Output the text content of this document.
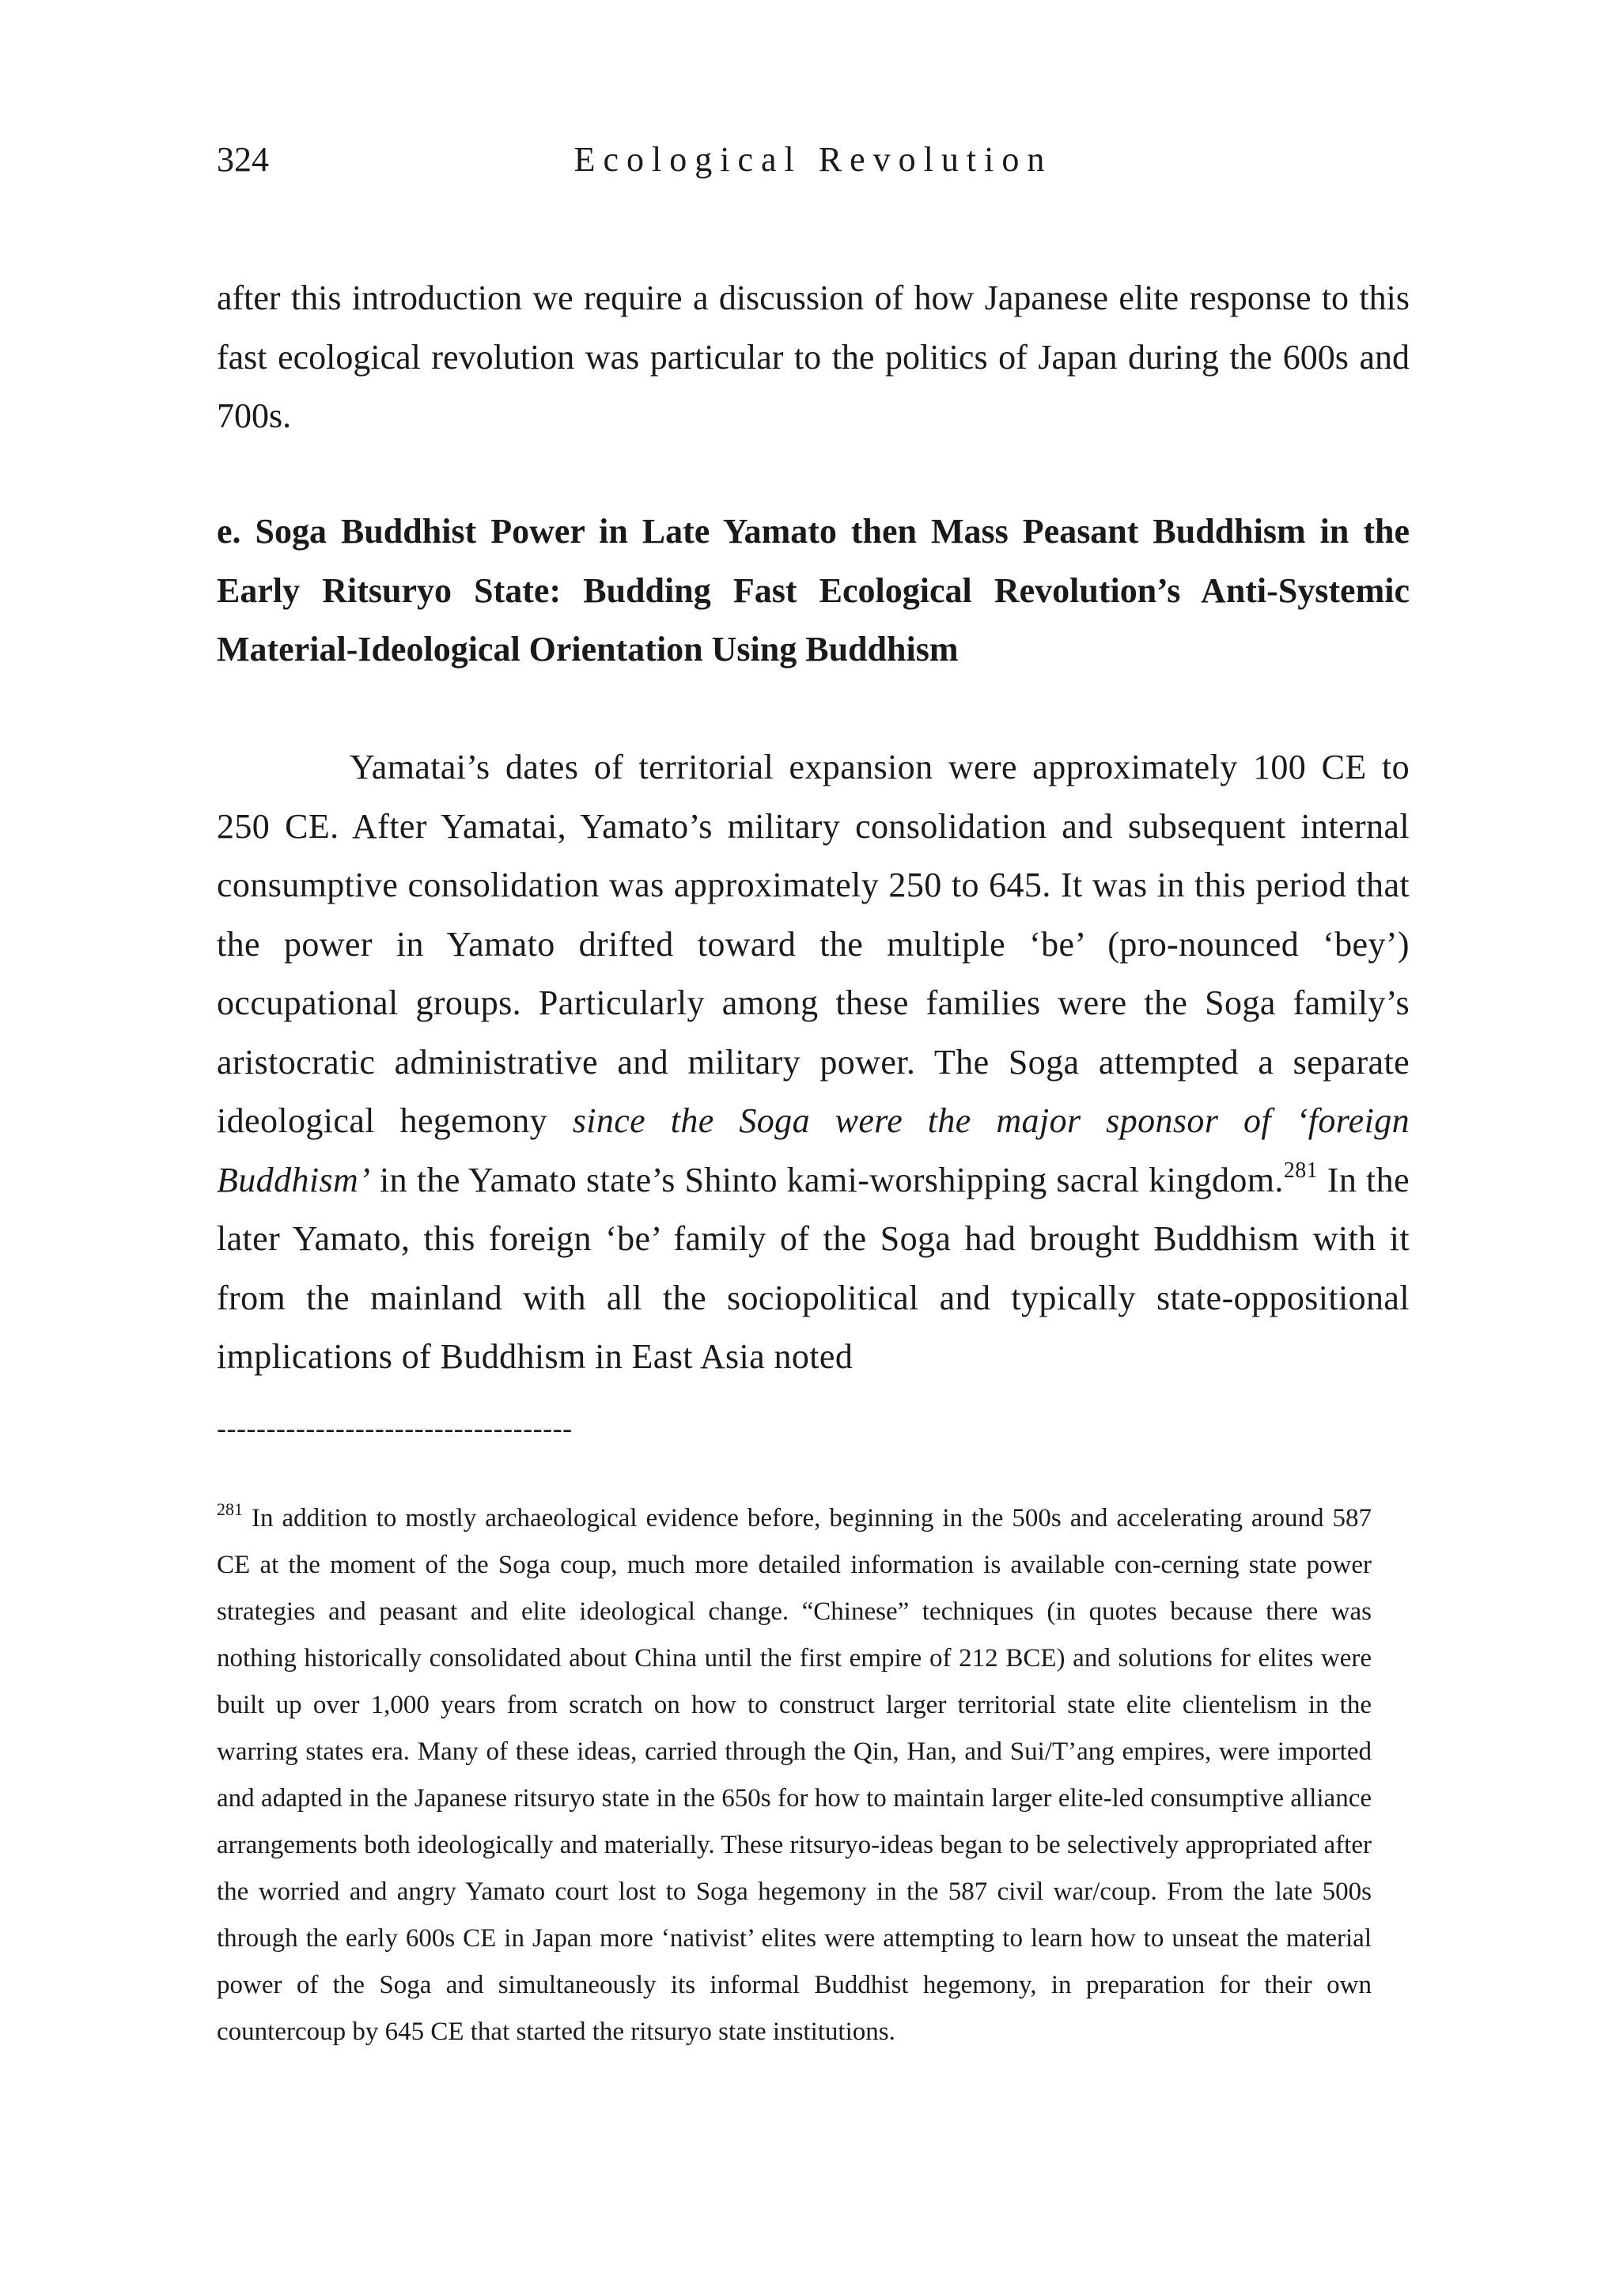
324	Ecological Revolution
after this introduction we require a discussion of how Japanese elite response to this fast ecological revolution was particular to the politics of Japan during the 600s and 700s.
e. Soga Buddhist Power in Late Yamato then Mass Peasant Buddhism in the Early Ritsuryo State: Budding Fast Ecological Revolution’s Anti-Systemic Material-Ideological Orientation Using Buddhism
Yamatai’s dates of territorial expansion were approximately 100 CE to 250 CE. After Yamatai, Yamato’s military consolidation and subsequent internal consumptive consolidation was approximately 250 to 645. It was in this period that the power in Yamato drifted toward the multiple ‘be’ (pro-nounced ‘bey’) occupational groups. Particularly among these families were the Soga family’s aristocratic administrative and military power. The Soga attempted a separate ideological hegemony since the Soga were the major sponsor of ‘foreign Buddhism’ in the Yamato state’s Shinto kami-worshipping sacral kingdom.$^{281}$ In the later Yamato, this foreign ‘be’ family of the Soga had brought Buddhism with it from the mainland with all the sociopolitical and typically state-oppositional implications of Buddhism in East Asia noted
------------------------------------
$^{281}$ In addition to mostly archaeological evidence before, beginning in the 500s and accelerating around 587 CE at the moment of the Soga coup, much more detailed information is available con-cerning state power strategies and peasant and elite ideological change. “Chinese” techniques (in quotes because there was nothing historically consolidated about China until the first empire of 212 BCE) and solutions for elites were built up over 1,000 years from scratch on how to construct larger territorial state elite clientelism in the warring states era. Many of these ideas, carried through the Qin, Han, and Sui/T’ang empires, were imported and adapted in the Japanese ritsuryo state in the 650s for how to maintain larger elite-led consumptive alliance arrangements both ideologically and materially. These ritsuryo-ideas began to be selectively appropriated after the worried and angry Yamato court lost to Soga hegemony in the 587 civil war/coup. From the late 500s through the early 600s CE in Japan more ‘nativist’ elites were attempting to learn how to unseat the material power of the Soga and simultaneously its informal Buddhist hegemony, in preparation for their own countercoup by 645 CE that started the ritsuryo state institutions.
